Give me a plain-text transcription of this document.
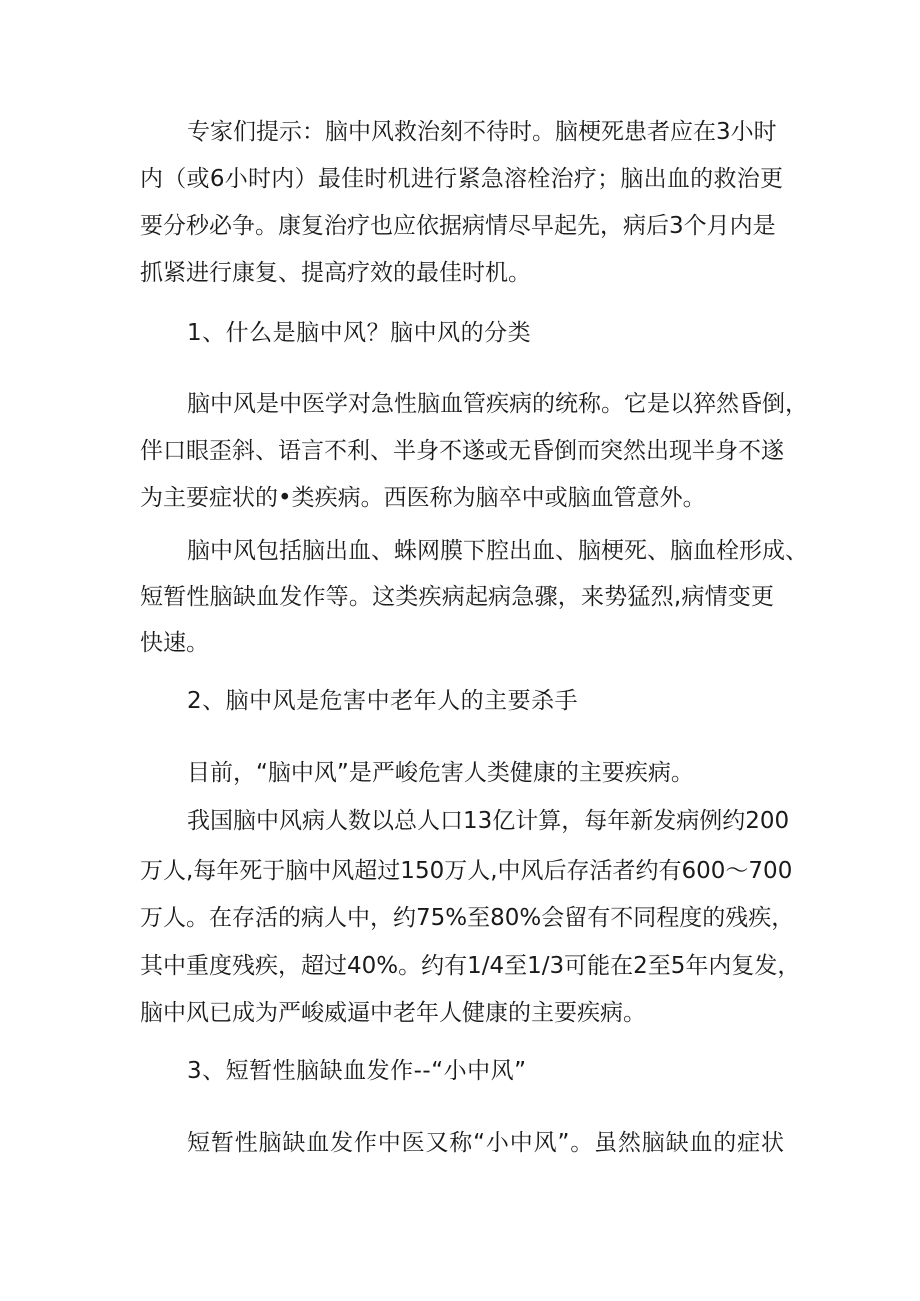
专家们提示：脑中风救治刻不待时。脑梗死患者应在3小时

内（或6小时内）最佳时机进行紧急溶栓治疗；脑出血的救治更

要分秒必争。康复治疗也应依据病情尽早起先，病后3个月内是

抓紧进行康复、提高疗效的最佳时机。

1、什么是脑中风？脑中风的分类

脑中风是中医学对急性脑血管疾病的统称。它是以猝然昏倒，

伴口眼歪斜、语言不利、半身不遂或无昏倒而突然出现半身不遂

为主要症状的•类疾病。西医称为脑卒中或脑血管意外。

脑中风包括脑出血、蛛网膜下腔出血、脑梗死、脑血栓形成、

短暂性脑缺血发作等。这类疾病起病急骤，来势猛烈,病情变更

快速。

2、脑中风是危害中老年人的主要杀手

目前，“脑中风”是严峻危害人类健康的主要疾病。

我国脑中风病人数以总人口13亿计算，每年新发病例约200

万人,每年死于脑中风超过150万人,中风后存活者约有600～700

万人。在存活的病人中，约75%至80%会留有不同程度的残疾，

其中重度残疾，超过40%。约有1/4至1/3可能在2至5年内复发，

脑中风已成为严峻威逼中老年人健康的主要疾病。

3、短暂性脑缺血发作--“小中风”

短暂性脑缺血发作中医又称“小中风”。虽然脑缺血的症状
